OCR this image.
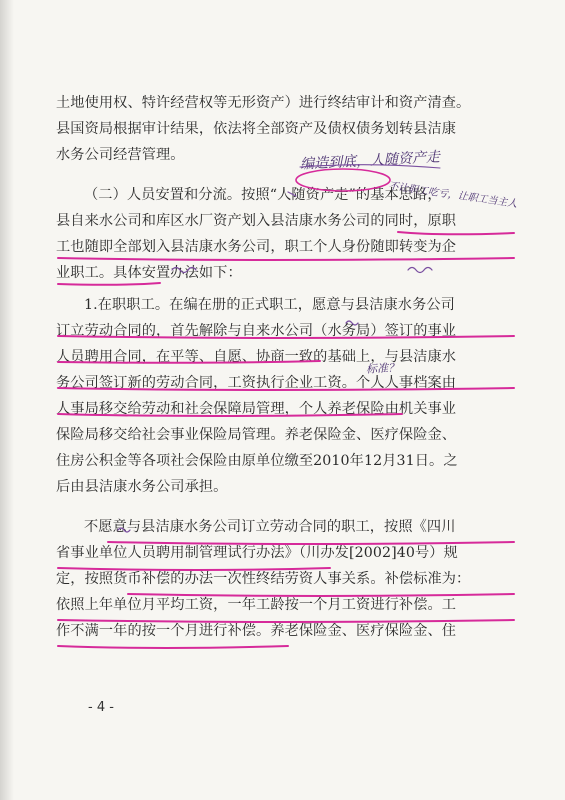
土地使用权、特许经营权等无形资产）进行终结审计和资产清查。
县国资局根据审计结果，依法将全部资产及债权债务划转县洁康
水务公司经营管理。
（二）人员安置和分流。按照“人随资产走”的基本思路，
县自来水公司和库区水厂资产划入县洁康水务公司的同时，原职
工也随即全部划入县洁康水务公司，职工个人身份随即转变为企
业职工。具体安置办法如下：
1.在职职工。在编在册的正式职工，愿意与县洁康水务公司
订立劳动合同的，首先解除与自来水公司（水务局）签订的事业
人员聘用合同，在平等、自愿、协商一致的基础上，与县洁康水
务公司签订新的劳动合同，工资执行企业工资。个人人事档案由
人事局移交给劳动和社会保障局管理，个人养老保险由机关事业
保险局移交给社会事业保险局管理。养老保险金、医疗保险金、
住房公积金等各项社会保险由原单位缴至2010年12月31日。之
后由县洁康水务公司承担。
不愿意与县洁康水务公司订立劳动合同的职工，按照《四川
省事业单位人员聘用制管理试行办法》（川办发[2002]40号）规
定，按照货币补偿的办法一次性终结劳资人事关系。补偿标准为：
依照上年单位月平均工资，一年工龄按一个月工资进行补偿。工
作不满一年的按一个月进行补偿。养老保险金、医疗保险金、住
编造到底，人随资产走
不让职工吃亏，让职工当主人
标准？
- 4 -
